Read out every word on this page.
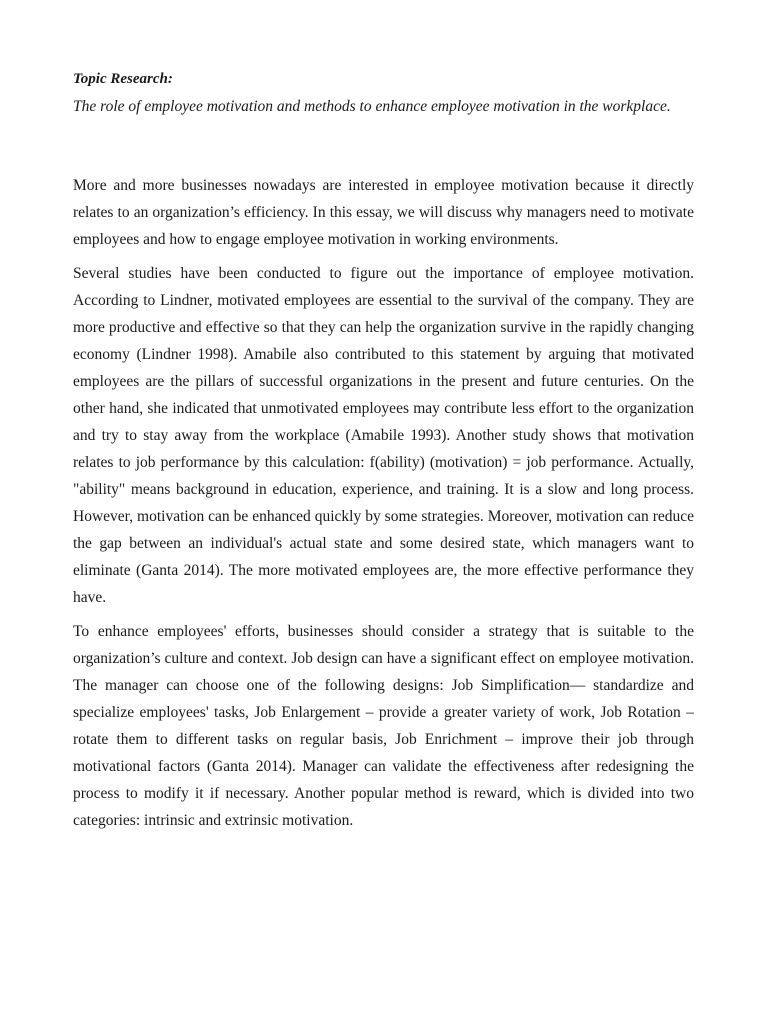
Topic Research:

The role of employee motivation and methods to enhance employee motivation in the workplace.

More and more businesses nowadays are interested in employee motivation because it directly relates to an organization’s efficiency. In this essay, we will discuss why managers need to motivate employees and how to engage employee motivation in working environments.

Several studies have been conducted to figure out the importance of employee motivation. According to Lindner, motivated employees are essential to the survival of the company. They are more productive and effective so that they can help the organization survive in the rapidly changing economy (Lindner 1998). Amabile also contributed to this statement by arguing that motivated employees are the pillars of successful organizations in the present and future centuries. On the other hand, she indicated that unmotivated employees may contribute less effort to the organization and try to stay away from the workplace (Amabile 1993). Another study shows that motivation relates to job performance by this calculation: f(ability) (motivation) = job performance. Actually, "ability" means background in education, experience, and training. It is a slow and long process. However, motivation can be enhanced quickly by some strategies. Moreover, motivation can reduce the gap between an individual's actual state and some desired state, which managers want to eliminate (Ganta 2014). The more motivated employees are, the more effective performance they have.

To enhance employees' efforts, businesses should consider a strategy that is suitable to the organization’s culture and context. Job design can have a significant effect on employee motivation. The manager can choose one of the following designs: Job Simplification— standardize and specialize employees' tasks, Job Enlargement – provide a greater variety of work, Job Rotation – rotate them to different tasks on regular basis, Job Enrichment – improve their job through motivational factors (Ganta 2014). Manager can validate the effectiveness after redesigning the process to modify it if necessary. Another popular method is reward, which is divided into two categories: intrinsic and extrinsic motivation.
